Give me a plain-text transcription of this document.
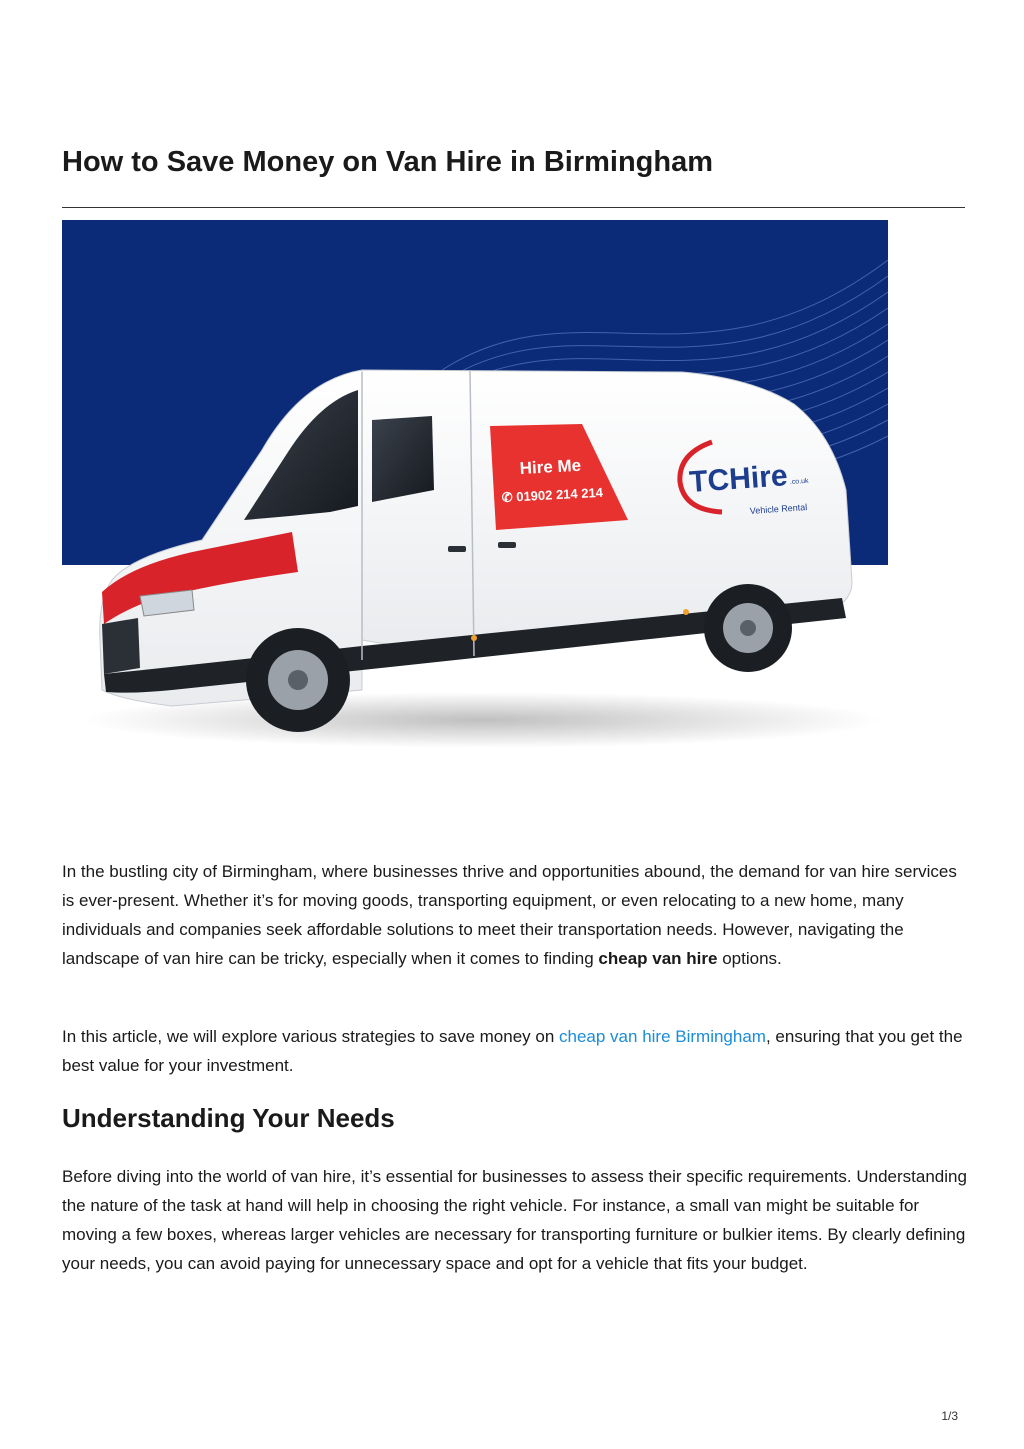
How to Save Money on Van Hire in Birmingham
Hire Me
✆ 01902 214 214	TCHire .co.uk
Vehicle Rental

In the bustling city of Birmingham, where businesses thrive and opportunities abound, the demand for van hire services is ever-present. Whether it’s for moving goods, transporting equipment, or even relocating to a new home, many individuals and companies seek affordable solutions to meet their transportation needs. However, navigating the landscape of van hire can be tricky, especially when it comes to finding cheap van hire options.

In this article, we will explore various strategies to save money on cheap van hire Birmingham, ensuring that you get the best value for your investment.

Understanding Your Needs

Before diving into the world of van hire, it’s essential for businesses to assess their specific requirements. Understanding the nature of the task at hand will help in choosing the right vehicle. For instance, a small van might be suitable for moving a few boxes, whereas larger vehicles are necessary for transporting furniture or bulkier items. By clearly defining your needs, you can avoid paying for unnecessary space and opt for a vehicle that fits your budget.

1/3
